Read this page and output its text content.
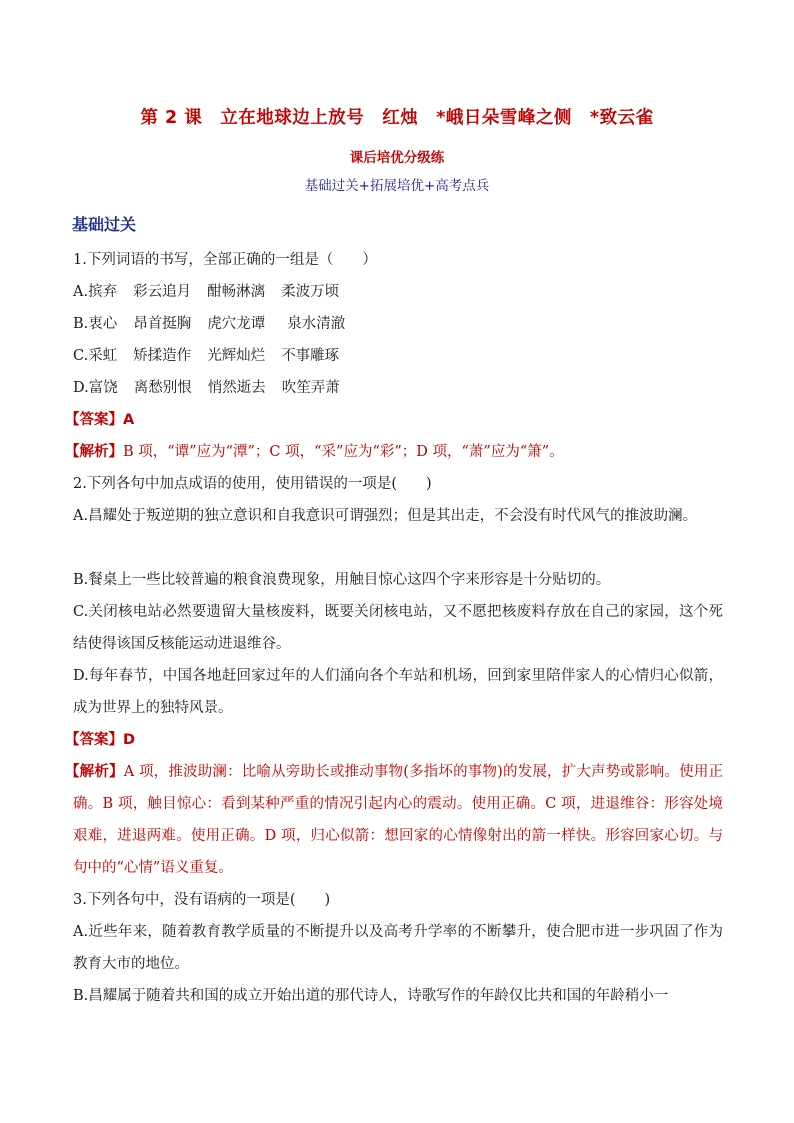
第 2 课　立在地球边上放号　红烛　*峨日朵雪峰之侧　*致云雀
课后培优分级练
基础过关+拓展培优+高考点兵
基础过关
1.下列词语的书写，全部正确的一组是（　　）
A.摈弃 彩云追月 酣畅淋漓 柔波万顷
B.衷心 昂首挺胸 虎穴龙谭 泉水清澈
C.采虹 矫揉造作 光辉灿烂 不事雕琢
D.富饶 离愁别恨 悄然逝去 吹笙弄萧
【答案】A
【解析】B 项，“谭”应为“潭”；C 项，“采”应为“彩”；D 项，“萧”应为“箫”。
2.下列各句中加点成语的使用，使用错误的一项是(　　)
A.昌耀处于叛逆期的独立意识和自我意识可谓强烈；但是其出走，不会没有时代风气的推波助澜。
B.餐桌上一些比较普遍的粮食浪费现象，用触目惊心这四个字来形容是十分贴切的。
C.关闭核电站必然要遗留大量核废料，既要关闭核电站，又不愿把核废料存放在自己的家园，这个死结使得该国反核能运动进退维谷。
D.每年春节，中国各地赶回家过年的人们涌向各个车站和机场，回到家里陪伴家人的心情归心似箭，成为世界上的独特风景。
【答案】D
【解析】A 项，推波助澜：比喻从旁助长或推动事物(多指坏的事物)的发展，扩大声势或影响。使用正确。B 项，触目惊心：看到某种严重的情况引起内心的震动。使用正确。C 项，进退维谷：形容处境艰难，进退两难。使用正确。D 项，归心似箭：想回家的心情像射出的箭一样快。形容回家心切。与句中的“心情”语义重复。
3.下列各句中，没有语病的一项是(　　)
A.近些年来，随着教育教学质量的不断提升以及高考升学率的不断攀升，使合肥市进一步巩固了作为教育大市的地位。
B.昌耀属于随着共和国的成立开始出道的那代诗人，诗歌写作的年龄仅比共和国的年龄稍小一
